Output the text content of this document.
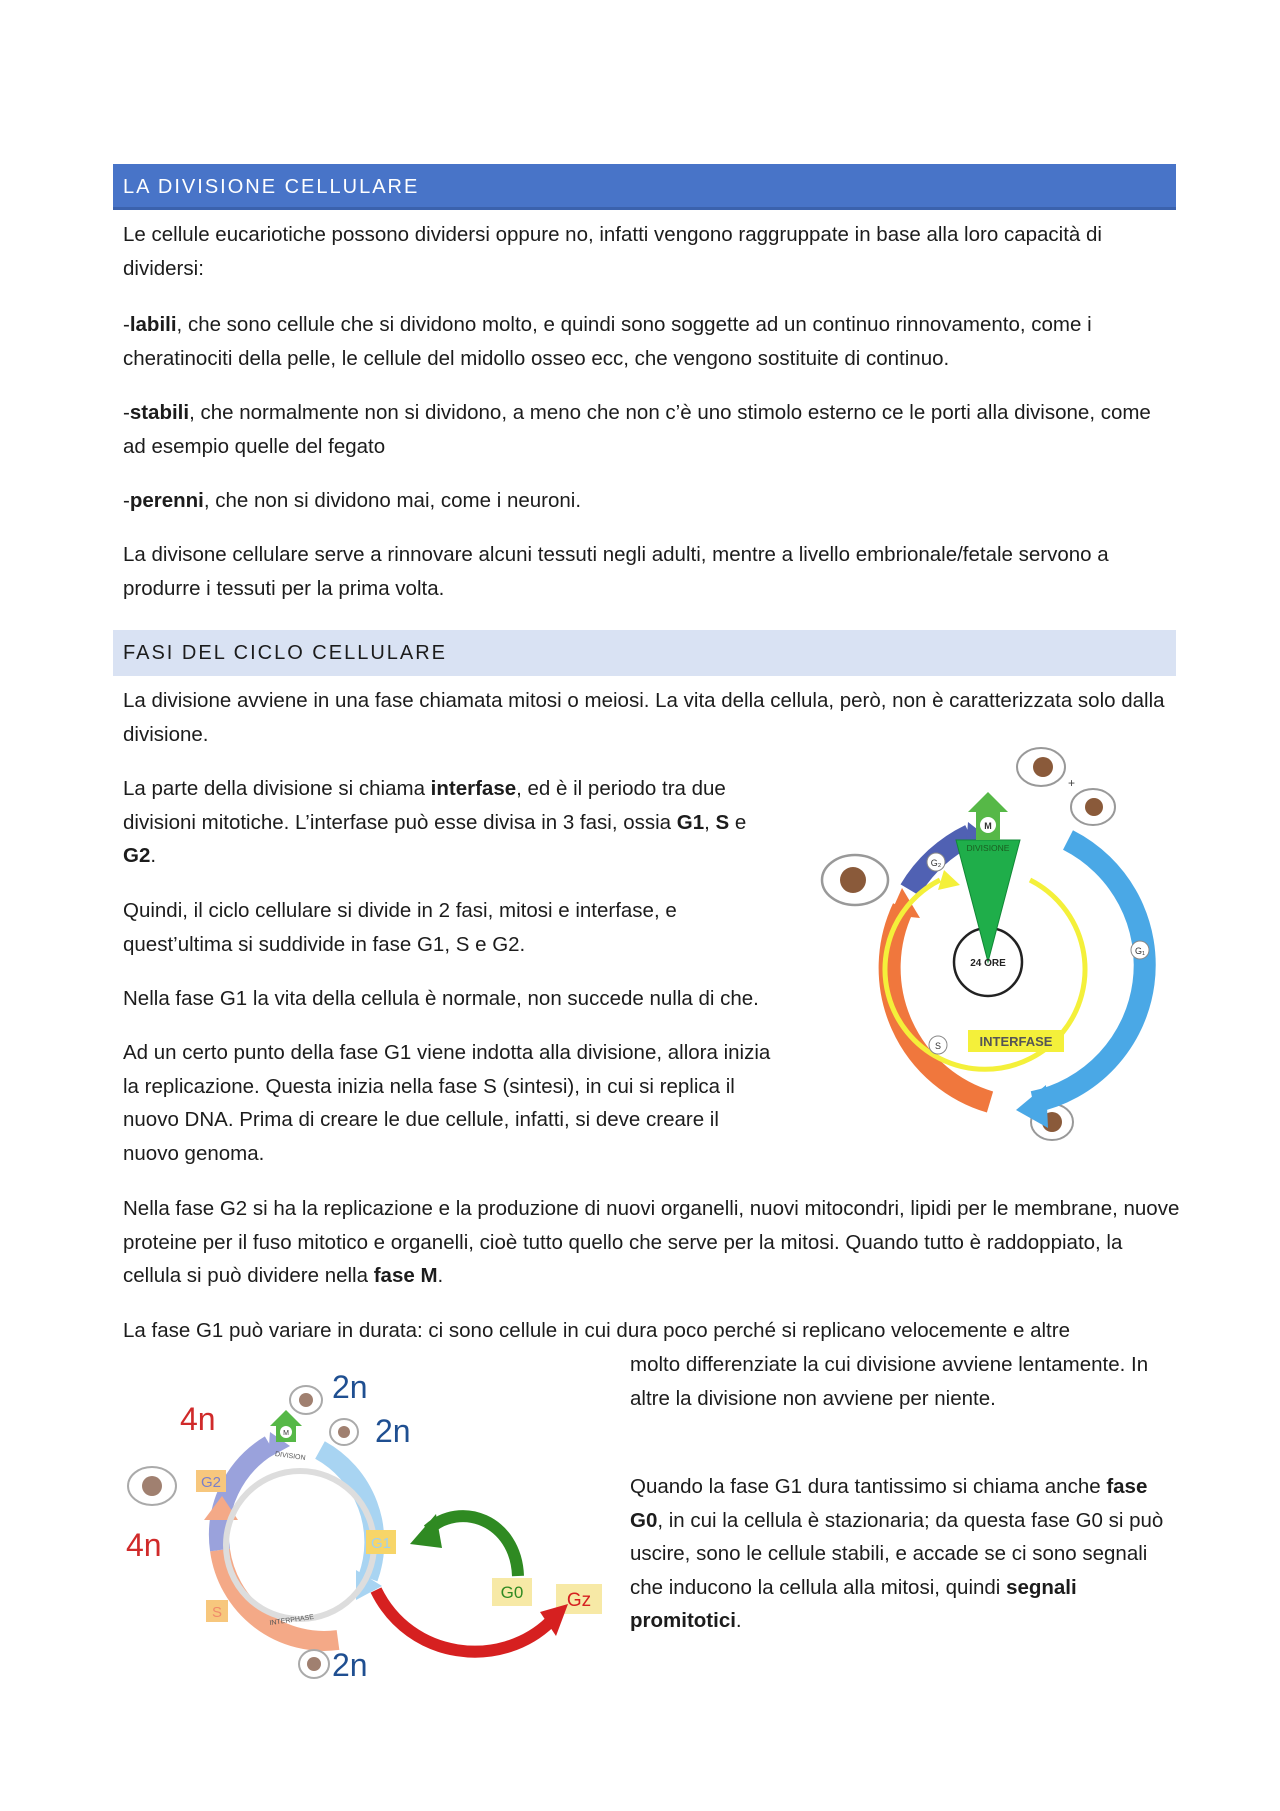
LA DIVISIONE CELLULARE

Le cellule eucariotiche possono dividersi oppure no, infatti vengono raggruppate in base alla loro capacità di dividersi:

-labili, che sono cellule che si dividono molto, e quindi sono soggette ad un continuo rinnovamento, come i cheratinociti della pelle, le cellule del midollo osseo ecc, che vengono sostituite di continuo.

-stabili, che normalmente non si dividono, a meno che non c’è uno stimolo esterno ce le porti alla divisone, come ad esempio quelle del fegato

-perenni, che non si dividono mai, come i neuroni.

La divisone cellulare serve a rinnovare alcuni tessuti negli adulti, mentre a livello embrionale/fetale servono a produrre i tessuti per la prima volta.

FASI DEL CICLO CELLULARE

La divisione avviene in una fase chiamata mitosi o meiosi. La vita della cellula, però, non è caratterizzata solo dalla divisione.

La parte della divisione si chiama interfase, ed è il periodo tra due divisioni mitotiche. L’interfase può esse divisa in 3 fasi, ossia G1, S e G2.

Quindi, il ciclo cellulare si divide in 2 fasi, mitosi e interfase, e quest’ultima si suddivide in fase G1, S e G2.

Nella fase G1 la vita della cellula è normale, non succede nulla di che.

Ad un certo punto della fase G1 viene indotta alla divisione, allora inizia la replicazione. Questa inizia nella fase S (sintesi), in cui si replica il nuovo DNA. Prima di creare le due cellule, infatti, si deve creare il nuovo genoma.

Nella fase G2 si ha la replicazione e la produzione di nuovi organelli, nuovi mitocondri, lipidi per le membrane, nuove proteine per il fuso mitotico e organelli, cioè tutto quello che serve per la mitosi. Quando tutto è raddoppiato, la cellula si può dividere nella fase M.

La fase G1 può variare in durata: ci sono cellule in cui dura poco perché si replicano velocemente e altre

molto differenziate la cui divisione avviene lentamente. In altre la divisione non avviene per niente.

Quando la fase G1 dura tantissimo si chiama anche fase G0, in cui la cellula è stazionaria; da questa fase G0 si può uscire, sono le cellule stabili, e accade se ci sono segnali che inducono la cellula alla mitosi, quindi segnali promitotici.

+
M
DIVISIONE
24 ORE
INTERFASE
G₂
G₁
S
M
DIVISION
INTERPHASE
2n
2n
4n
4n
2n
G2
G1
S
G0 Gz
